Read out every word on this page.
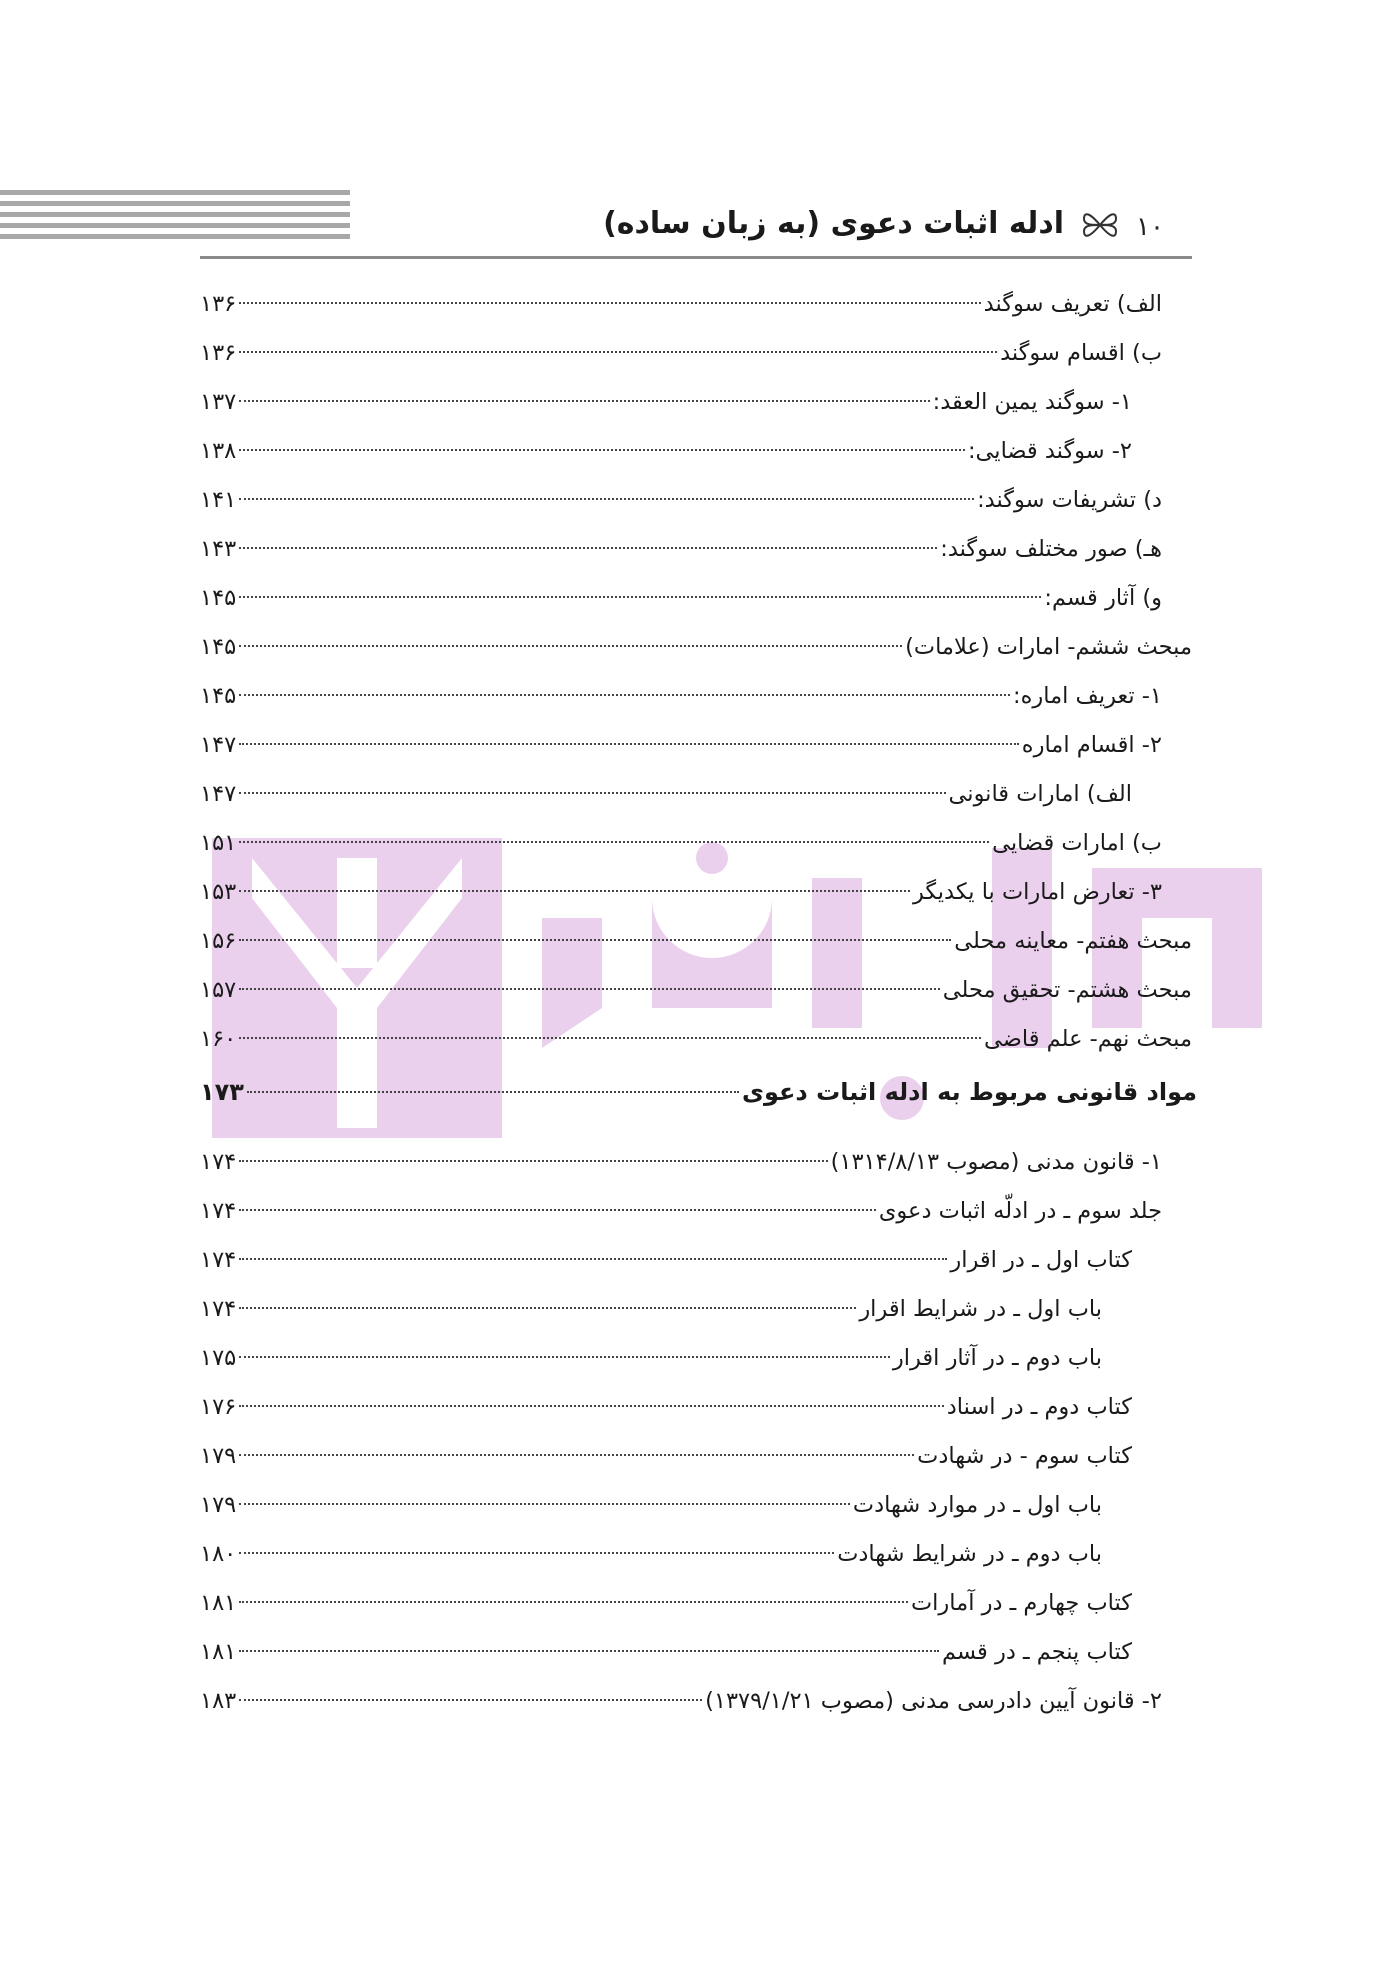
۱۰
ادله اثبات دعوی (به زبان ساده)
الف) تعریف سوگند
۱۳۶
ب) اقسام سوگند
۱۳۶
۱- سوگند یمین العقد:
۱۳۷
۲- سوگند قضایی:
۱۳۸
د) تشریفات سوگند:
۱۴۱
هـ) صور مختلف سوگند:
۱۴۳
و) آثار قسم:
۱۴۵
مبحث ششم- امارات (علامات)
۱۴۵
۱- تعریف اماره:
۱۴۵
۲- اقسام اماره
۱۴۷
الف) امارات قانونی
۱۴۷
ب) امارات قضایی
۱۵۱
۳- تعارض امارات با یکدیگر
۱۵۳
مبحث هفتم- معاینه محلی
۱۵۶
مبحث هشتم- تحقیق محلی
۱۵۷
مبحث نهم- علم قاضی
۱۶۰
مواد قانونی مربوط به ادله اثبات دعوی
۱۷۳
۱- قانون مدنی (مصوب ۱۳۱۴/۸/۱۳)
۱۷۴
جلد سوم ـ در ادلّه اثبات دعوی
۱۷۴
کتاب اول ـ در اقرار
۱۷۴
باب اول ـ در شرایط اقرار
۱۷۴
باب دوم ـ در آثار اقرار
۱۷۵
کتاب دوم ـ در اسناد
۱۷۶
کتاب سوم - در شهادت
۱۷۹
باب اول ـ در موارد شهادت
۱۷۹
باب دوم ـ در شرایط شهادت
۱۸۰
کتاب چهارم ـ در آمارات
۱۸۱
کتاب پنجم ـ در قسم
۱۸۱
۲- قانون آیین دادرسی مدنی (مصوب ۱۳۷۹/۱/۲۱)
۱۸۳
